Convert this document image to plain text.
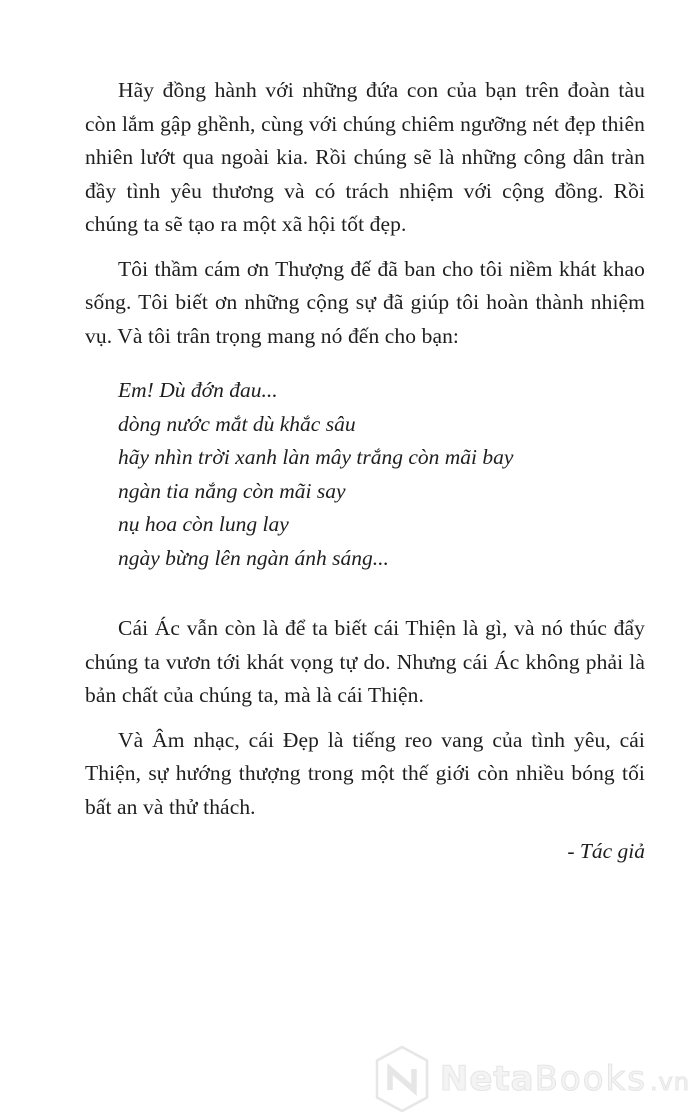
Hãy đồng hành với những đứa con của bạn trên đoàn tàu còn lắm gập ghềnh, cùng với chúng chiêm ngưỡng nét đẹp thiên nhiên lướt qua ngoài kia. Rồi chúng sẽ là những công dân tràn đầy tình yêu thương và có trách nhiệm với cộng đồng. Rồi chúng ta sẽ tạo ra một xã hội tốt đẹp.

Tôi thầm cám ơn Thượng đế đã ban cho tôi niềm khát khao sống. Tôi biết ơn những cộng sự đã giúp tôi hoàn thành nhiệm vụ. Và tôi trân trọng mang nó đến cho bạn:

Em! Dù đớn đau...
dòng nước mắt dù khắc sâu
hãy nhìn trời xanh làn mây trắng còn mãi bay
ngàn tia nắng còn mãi say
nụ hoa còn lung lay
ngày bừng lên ngàn ánh sáng...

Cái Ác vẫn còn là để ta biết cái Thiện là gì, và nó thúc đẩy chúng ta vươn tới khát vọng tự do. Nhưng cái Ác không phải là bản chất của chúng ta, mà là cái Thiện.

Và Âm nhạc, cái Đẹp là tiếng reo vang của tình yêu, cái Thiện, sự hướng thượng trong một thế giới còn nhiều bóng tối bất an và thử thách.

- Tác giả
Neta Books .vn
